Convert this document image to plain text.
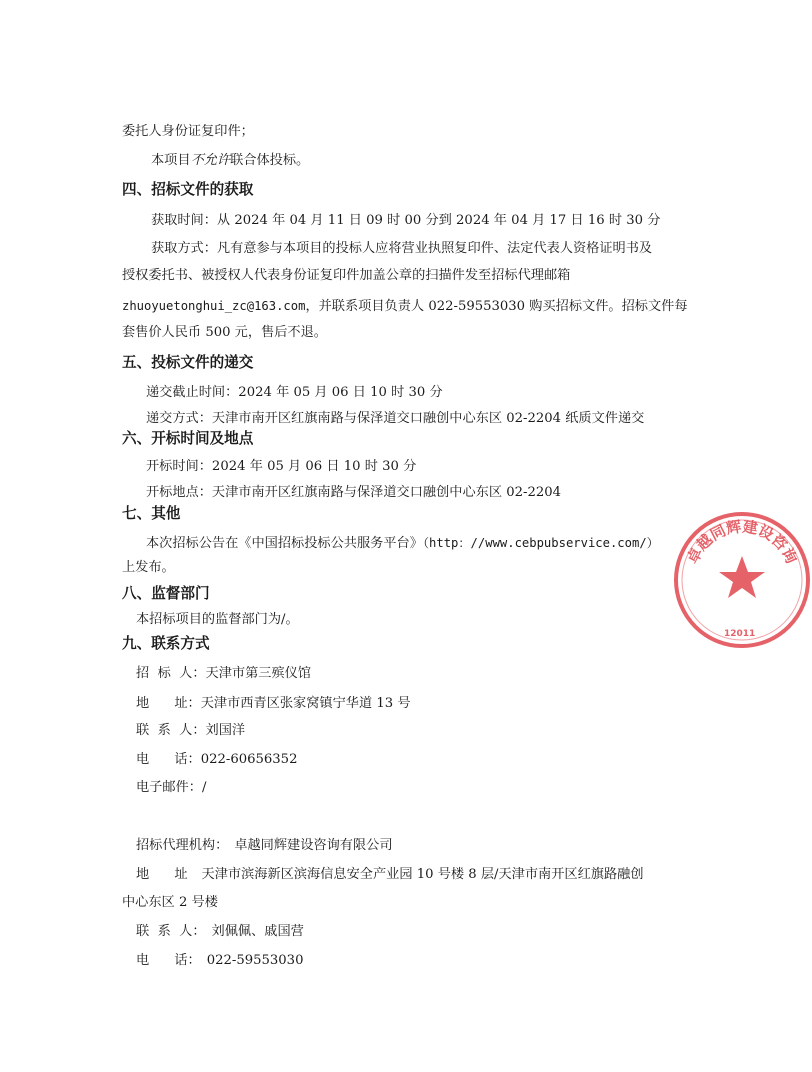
委托人身份证复印件；
本项目不允许联合体投标。
四、招标文件的获取
获取时间：从 2024 年 04 月 11 日 09 时 00 分到 2024 年 04 月 17 日 16 时 30 分
获取方式：凡有意参与本项目的投标人应将营业执照复印件、法定代表人资格证明书及
授权委托书、被授权人代表身份证复印件加盖公章的扫描件发至招标代理邮箱
zhuoyuetonghui_zc@163.com，并联系项目负责人 022-59553030 购买招标文件。招标文件每
套售价人民币 500 元，售后不退。
五、投标文件的递交
递交截止时间：2024 年 05 月 06 日 10 时 30 分
递交方式：天津市南开区红旗南路与保泽道交口融创中心东区 02-2204 纸质文件递交
六、开标时间及地点
开标时间：2024 年 05 月 06 日 10 时 30 分
开标地点：天津市南开区红旗南路与保泽道交口融创中心东区 02-2204
七、其他
本次招标公告在《中国招标投标公共服务平台》（http：//www.cebpubservice.com/）
上发布。
八、监督部门
本招标项目的监督部门为/。
九、联系方式
招  标  人：天津市第三殡仪馆
地      址：天津市西青区张家窝镇宁华道 13 号
联  系  人：刘国洋
电      话：022-60656352
电子邮件：/
招标代理机构： 卓越同辉建设咨询有限公司
地      址 天津市滨海新区滨海信息安全产业园 10 号楼 8 层/天津市南开区红旗路融创
中心东区 2 号楼
联  系  人： 刘佩佩、戚国营
电      话： 022-59553030
卓越同辉建设咨询
12011
